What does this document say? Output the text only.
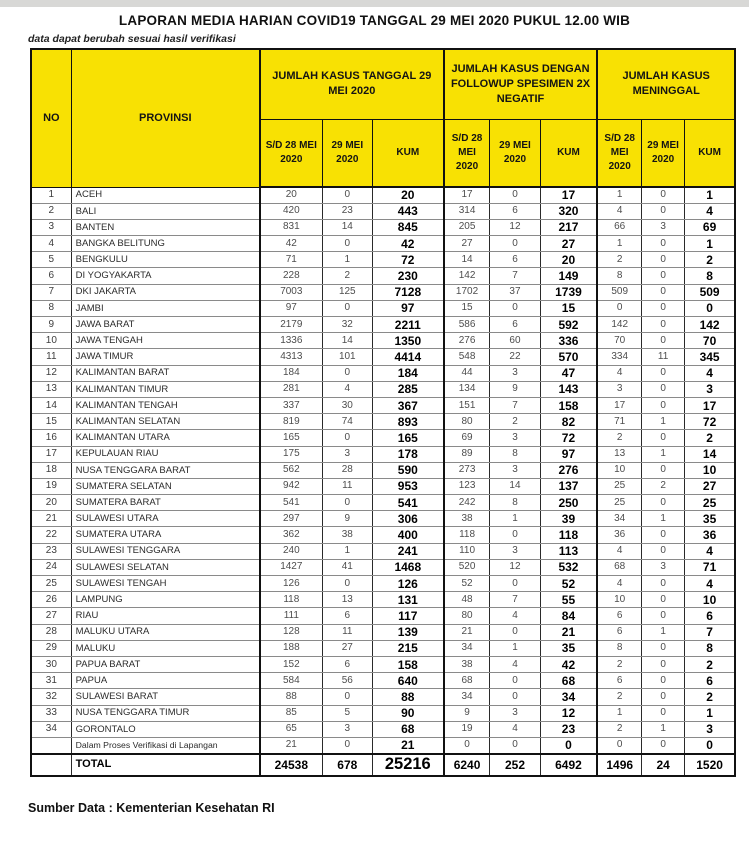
LAPORAN MEDIA HARIAN COVID19 TANGGAL 29 MEI 2020 PUKUL 12.00 WIB
data dapat berubah sesuai hasil verifikasi
NO	PROVINSI	JUMLAH KASUS TANGGAL 29 MEI 2020			JUMLAH KASUS DENGAN FOLLOWUP SPESIMEN 2X NEGATIF			JUMLAH KASUS MENINGGAL		
		S/D 28 MEI 2020	29 MEI 2020	KUM	S/D 28 MEI 2020	29 MEI 2020	KUM	S/D 28 MEI 2020	29 MEI 2020	KUM
1	ACEH	20	0	20	17	0	17	1	0	1
2	BALI	420	23	443	314	6	320	4	0	4
3	BANTEN	831	14	845	205	12	217	66	3	69
4	BANGKA BELITUNG	42	0	42	27	0	27	1	0	1
5	BENGKULU	71	1	72	14	6	20	2	0	2
6	DI YOGYAKARTA	228	2	230	142	7	149	8	0	8
7	DKI JAKARTA	7003	125	7128	1702	37	1739	509	0	509
8	JAMBI	97	0	97	15	0	15	0	0	0
9	JAWA BARAT	2179	32	2211	586	6	592	142	0	142
10	JAWA TENGAH	1336	14	1350	276	60	336	70	0	70
11	JAWA TIMUR	4313	101	4414	548	22	570	334	11	345
12	KALIMANTAN BARAT	184	0	184	44	3	47	4	0	4
13	KALIMANTAN TIMUR	281	4	285	134	9	143	3	0	3
14	KALIMANTAN TENGAH	337	30	367	151	7	158	17	0	17
15	KALIMANTAN SELATAN	819	74	893	80	2	82	71	1	72
16	KALIMANTAN UTARA	165	0	165	69	3	72	2	0	2
17	KEPULAUAN RIAU	175	3	178	89	8	97	13	1	14
18	NUSA TENGGARA BARAT	562	28	590	273	3	276	10	0	10
19	SUMATERA SELATAN	942	11	953	123	14	137	25	2	27
20	SUMATERA BARAT	541	0	541	242	8	250	25	0	25
21	SULAWESI UTARA	297	9	306	38	1	39	34	1	35
22	SUMATERA UTARA	362	38	400	118	0	118	36	0	36
23	SULAWESI TENGGARA	240	1	241	110	3	113	4	0	4
24	SULAWESI SELATAN	1427	41	1468	520	12	532	68	3	71
25	SULAWESI TENGAH	126	0	126	52	0	52	4	0	4
26	LAMPUNG	118	13	131	48	7	55	10	0	10
27	RIAU	111	6	117	80	4	84	6	0	6
28	MALUKU UTARA	128	11	139	21	0	21	6	1	7
29	MALUKU	188	27	215	34	1	35	8	0	8
30	PAPUA BARAT	152	6	158	38	4	42	2	0	2
31	PAPUA	584	56	640	68	0	68	6	0	6
32	SULAWESI BARAT	88	0	88	34	0	34	2	0	2
33	NUSA TENGGARA TIMUR	85	5	90	9	3	12	1	0	1
34	GORONTALO	65	3	68	19	4	23	2	1	3
	Dalam Proses Verifikasi di Lapangan	21	0	21	0	0	0	0	0	0
	TOTAL	24538	678	25216	6240	252	6492	1496	24	1520
Sumber Data : Kementerian Kesehatan RI
